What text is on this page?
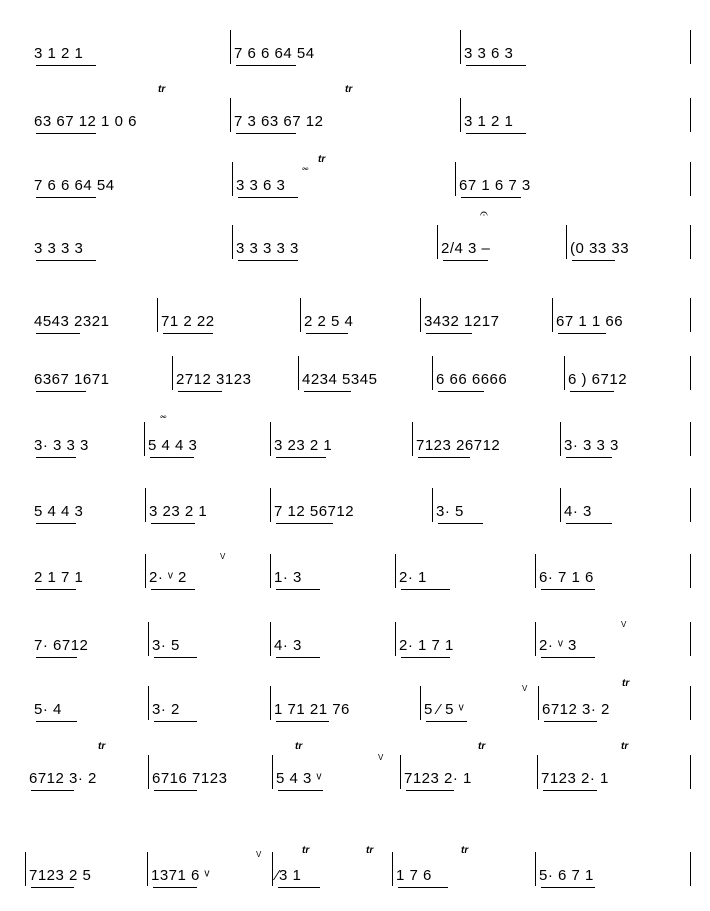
3 1 2 1	7 6 6 64 54	3 3 6 3
63 67 12 1 0 6	7 3 63 67 12	3 1 2 1
tr	tr
7 6 6 64 54	3 3 6 3	67 1 6 7 3
tr
3 3 3 3	3 3 3 3 3	2/4 3 –	(0 33 33
4543 2321	71 2 22	2 2 5 4	3432 1217	67 1 1 66
6367 1671	2712 3123	4234 5345	6 66 6666	6 ) 6712
3· 3 3 3	5 4 4 3	3 23 2 1	7123 26712	3· 3 3 3
5 4 4 3	3 23 2 1	7 12 56712	3· 5	4· 3
2 1 7 1	2· ᵛ 2	1· 3	2· 1	6· 7 1 6
V
7· 6712	3· 5	4· 3	2· 1 7 1	2· ᵛ 3
V
5· 4	3· 2	1 71 21 76	5 ⁄ 5 ᵛ	6712 3· 2
tr
V
6712 3· 2	6716 7123	5 4 3 ᵛ	7123 2· 1	7123 2· 1
tr	tr	tr	tr
V
7123 2 5	1371 6 ᵛ	⁄3 1	1 7 6	5· 6 7 1
tr	tr	tr
V
𝄐
𝆗
𝆗
